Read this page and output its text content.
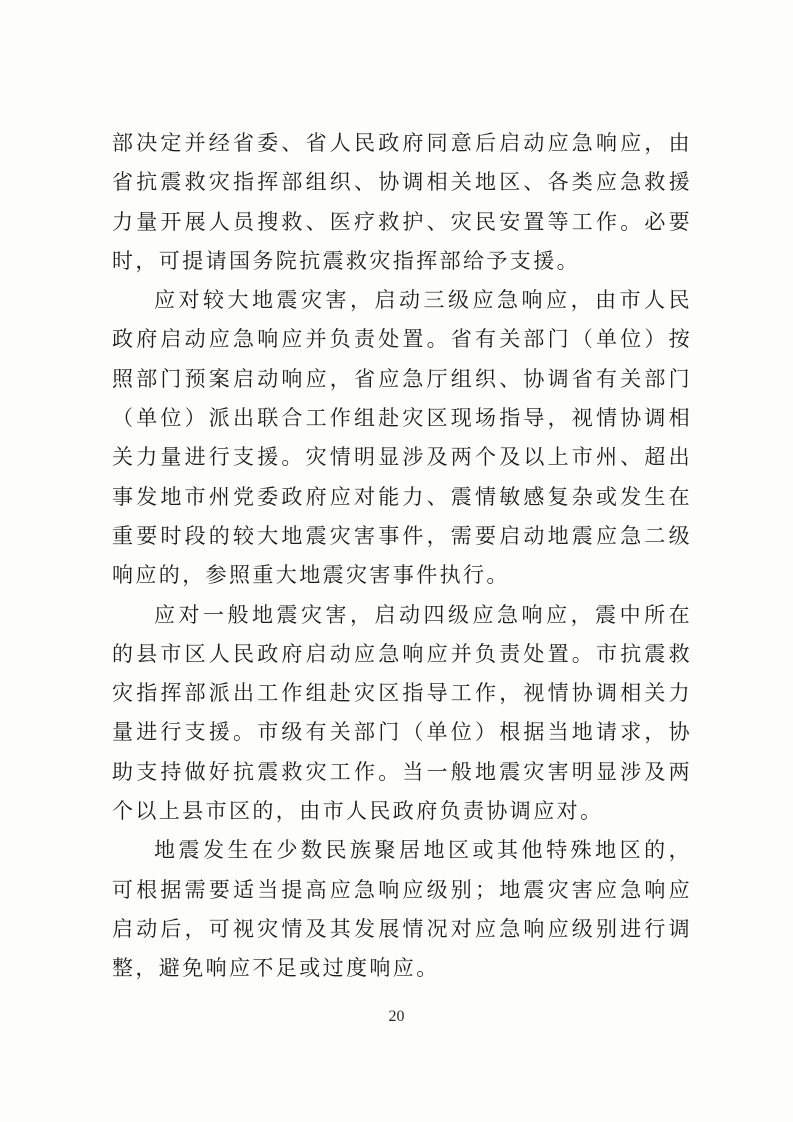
部决定并经省委、省人民政府同意后启动应急响应，由省抗震救灾指挥部组织、协调相关地区、各类应急救援力量开展人员搜救、医疗救护、灾民安置等工作。必要时，可提请国务院抗震救灾指挥部给予支援。

应对较大地震灾害，启动三级应急响应，由市人民政府启动应急响应并负责处置。省有关部门（单位）按照部门预案启动响应，省应急厅组织、协调省有关部门（单位）派出联合工作组赴灾区现场指导，视情协调相关力量进行支援。灾情明显涉及两个及以上市州、超出事发地市州党委政府应对能力、震情敏感复杂或发生在重要时段的较大地震灾害事件，需要启动地震应急二级响应的，参照重大地震灾害事件执行。

应对一般地震灾害，启动四级应急响应，震中所在的县市区人民政府启动应急响应并负责处置。市抗震救灾指挥部派出工作组赴灾区指导工作，视情协调相关力量进行支援。市级有关部门（单位）根据当地请求，协助支持做好抗震救灾工作。当一般地震灾害明显涉及两个以上县市区的，由市人民政府负责协调应对。

地震发生在少数民族聚居地区或其他特殊地区的，可根据需要适当提高应急响应级别；地震灾害应急响应启动后，可视灾情及其发展情况对应急响应级别进行调整，避免响应不足或过度响应。

20
